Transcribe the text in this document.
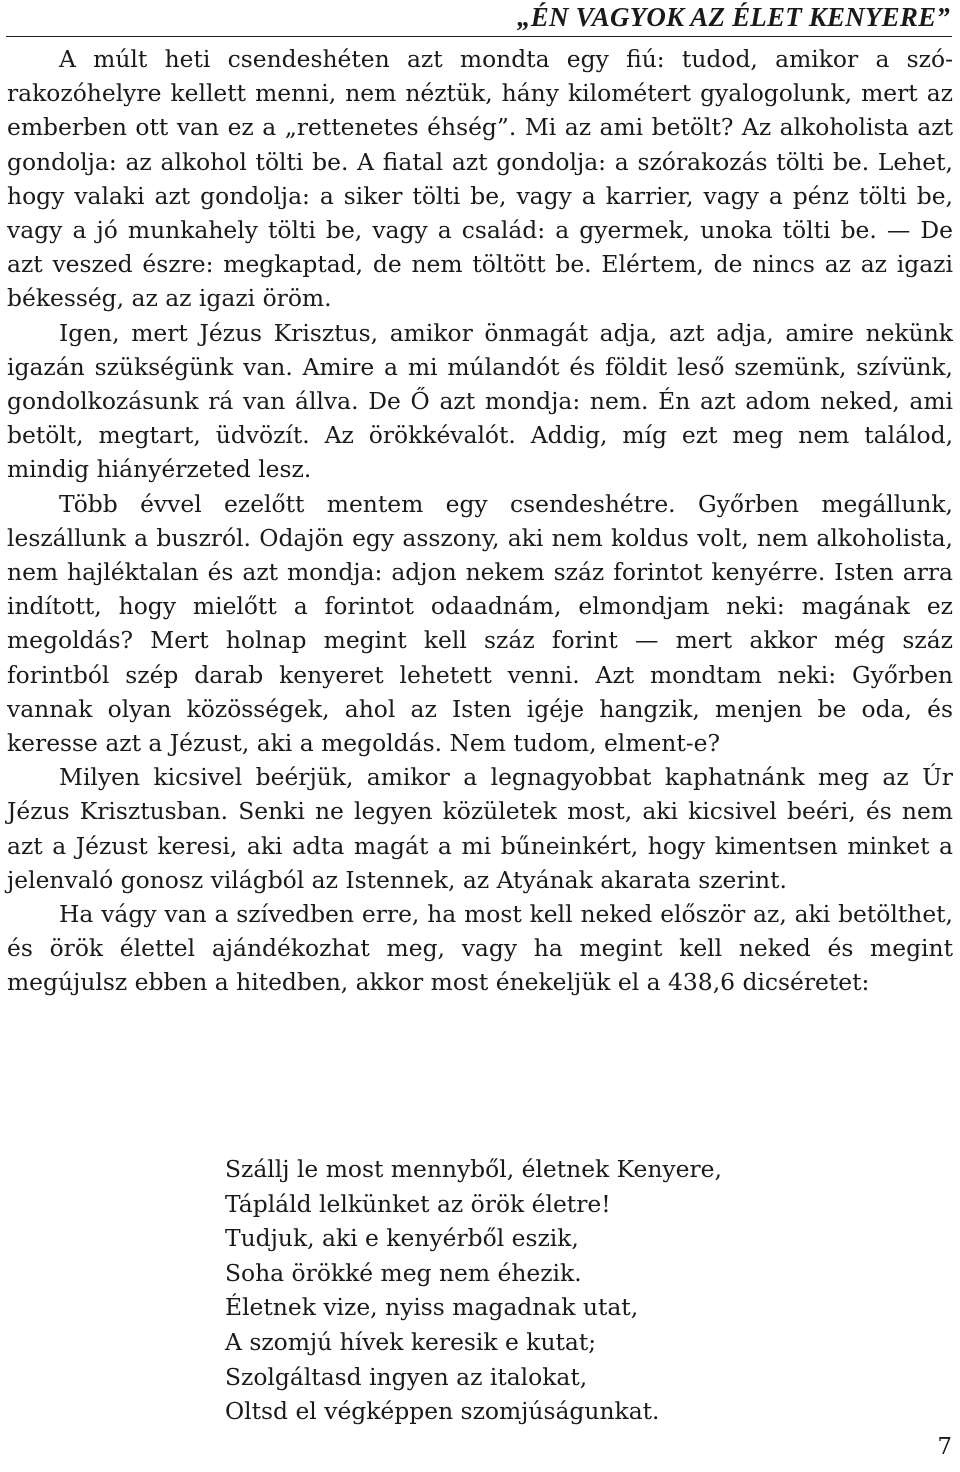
„ÉN VAGYOK AZ ÉLET KENYERE”

A múlt heti csendeshéten azt mondta egy fiú: tudod, amikor a szórakozóhelyre kellett menni, nem néztük, hány kilométert gyalogolunk, mert az emberben ott van ez a „rettenetes éhség”. Mi az ami betölt? Az alkoholista azt gondolja: az alkohol tölti be. A fiatal azt gondolja: a szórakozás tölti be. Lehet, hogy valaki azt gondolja: a siker tölti be, vagy a karrier, vagy a pénz tölti be, vagy a jó munkahely tölti be, vagy a család: a gyermek, unoka tölti be. — De azt veszed észre: megkaptad, de nem töltött be. Elértem, de nincs az az igazi békesség, az az igazi öröm.

Igen, mert Jézus Krisztus, amikor önmagát adja, azt adja, amire nekünk igazán szükségünk van. Amire a mi múlandót és földit leső szemünk, szívünk, gondolkozásunk rá van állva. De Ő azt mondja: nem. Én azt adom neked, ami betölt, megtart, üdvözít. Az örökkévalót. Addig, míg ezt meg nem találod, mindig hiányérzeted lesz.

Több évvel ezelőtt mentem egy csendeshétre. Győrben megállunk, leszállunk a buszról. Odajön egy asszony, aki nem koldus volt, nem alkoholista, nem hajléktalan és azt mondja: adjon nekem száz forintot kenyérre. Isten arra indított, hogy mielőtt a forintot odaadnám, elmondjam neki: magának ez megoldás? Mert holnap megint kell száz forint — mert akkor még száz forintból szép darab kenyeret lehetett venni. Azt mondtam neki: Győrben vannak olyan közösségek, ahol az Isten igéje hangzik, menjen be oda, és keresse azt a Jézust, aki a megoldás. Nem tudom, elment-e?

Milyen kicsivel beérjük, amikor a legnagyobbat kaphatnánk meg az Úr Jézus Krisztusban. Senki ne legyen közületek most, aki kicsivel beéri, és nem azt a Jézust keresi, aki adta magát a mi bűneinkért, hogy kimentsen minket a jelenvaló gonosz világból az Istennek, az Atyának akarata szerint.

Ha vágy van a szívedben erre, ha most kell neked először az, aki betölthet, és örök élettel ajándékozhat meg, vagy ha megint kell neked és megint megújulsz ebben a hitedben, akkor most énekeljük el a 438,6 dicséretet:

Szállj le most mennyből, életnek Kenyere,
Tápláld lelkünket az örök életre!
Tudjuk, aki e kenyérből eszik,
Soha örökké meg nem éhezik.
Életnek vize, nyiss magadnak utat,
A szomjú hívek keresik e kutat;
Szolgáltasd ingyen az italokat,
Oltsd el végképpen szomjúságunkat.
7
